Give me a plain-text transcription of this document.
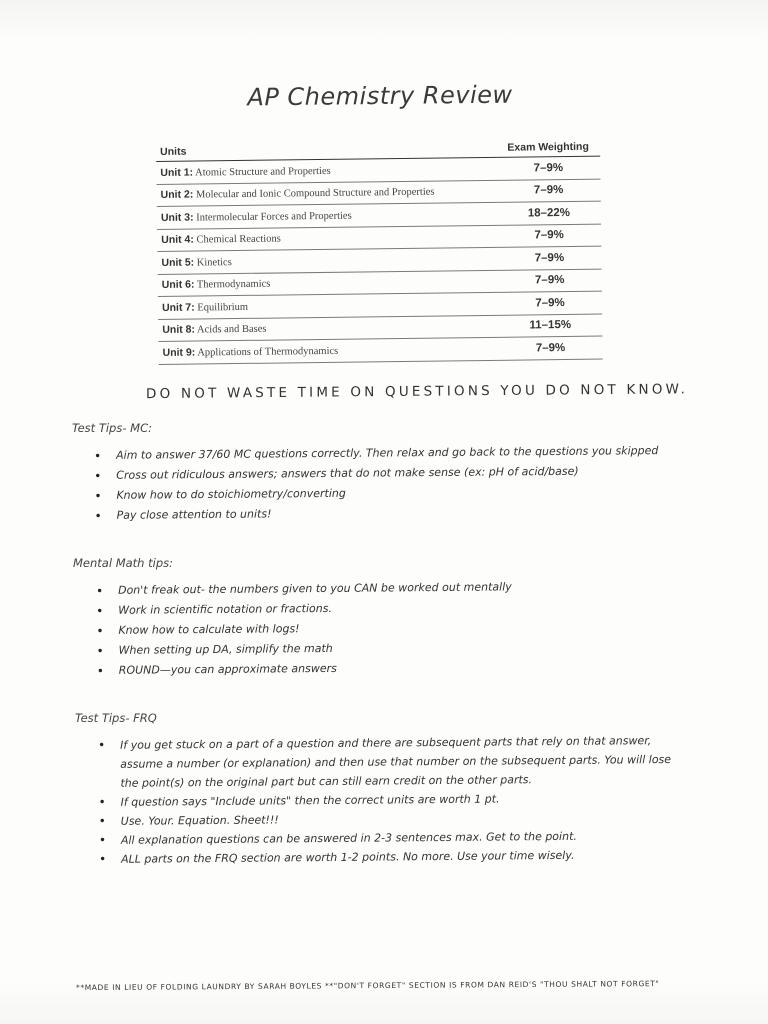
AP Chemistry Review
Units	Exam Weighting
Unit 1: Atomic Structure and Properties	7–9%
Unit 2: Molecular and Ionic Compound Structure and Properties	7–9%
Unit 3: Intermolecular Forces and Properties	18–22%
Unit 4: Chemical Reactions	7–9%
Unit 5: Kinetics	7–9%
Unit 6: Thermodynamics	7–9%
Unit 7: Equilibrium	7–9%
Unit 8: Acids and Bases	11–15%
Unit 9: Applications of Thermodynamics	7–9%
DO NOT WASTE TIME ON QUESTIONS YOU DO NOT KNOW.
Test Tips- MC:
• Aim to answer 37/60 MC questions correctly. Then relax and go back to the questions you skipped
• Cross out ridiculous answers; answers that do not make sense (ex: pH of acid/base)
• Know how to do stoichiometry/converting
• Pay close attention to units!
Mental Math tips:
• Don't freak out- the numbers given to you CAN be worked out mentally
• Work in scientific notation or fractions.
• Know how to calculate with logs!
• When setting up DA, simplify the math
• ROUND—you can approximate answers
Test Tips- FRQ
• If you get stuck on a part of a question and there are subsequent parts that rely on that answer, assume a number (or explanation) and then use that number on the subsequent parts. You will lose the point(s) on the original part but can still earn credit on the other parts.
• If question says "Include units" then the correct units are worth 1 pt.
• Use. Your. Equation. Sheet!!!
• All explanation questions can be answered in 2-3 sentences max. Get to the point.
• ALL parts on the FRQ section are worth 1-2 points. No more. Use your time wisely.
**MADE IN LIEU OF FOLDING LAUNDRY BY SARAH BOYLES **"DON'T FORGET" SECTION IS FROM DAN REID'S "THOU SHALT NOT FORGET"
